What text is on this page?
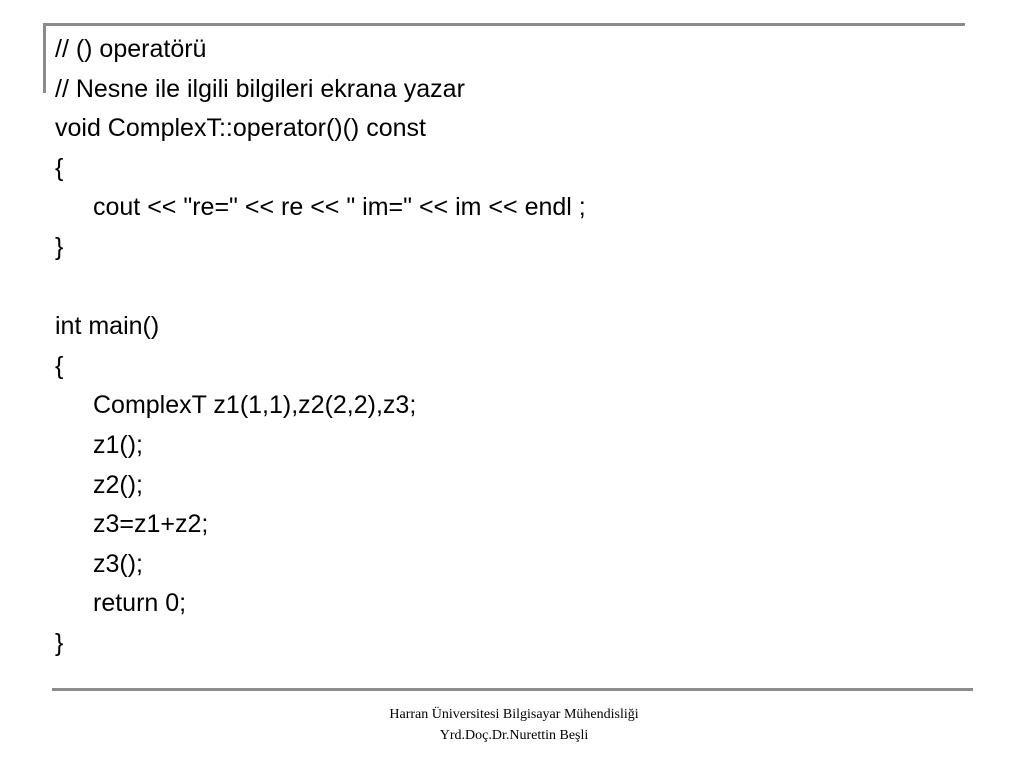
// () operatörü
// Nesne ile ilgili bilgileri ekrana yazar
void ComplexT::operator()() const
{
cout << "re=" << re << " im=" << im << endl ;
}
int main()
{
ComplexT z1(1,1),z2(2,2),z3;
z1();
z2();
z3=z1+z2;
z3();
return 0;
}
Harran Üniversitesi Bilgisayar Mühendisliği
Yrd.Doç.Dr.Nurettin Beşli
